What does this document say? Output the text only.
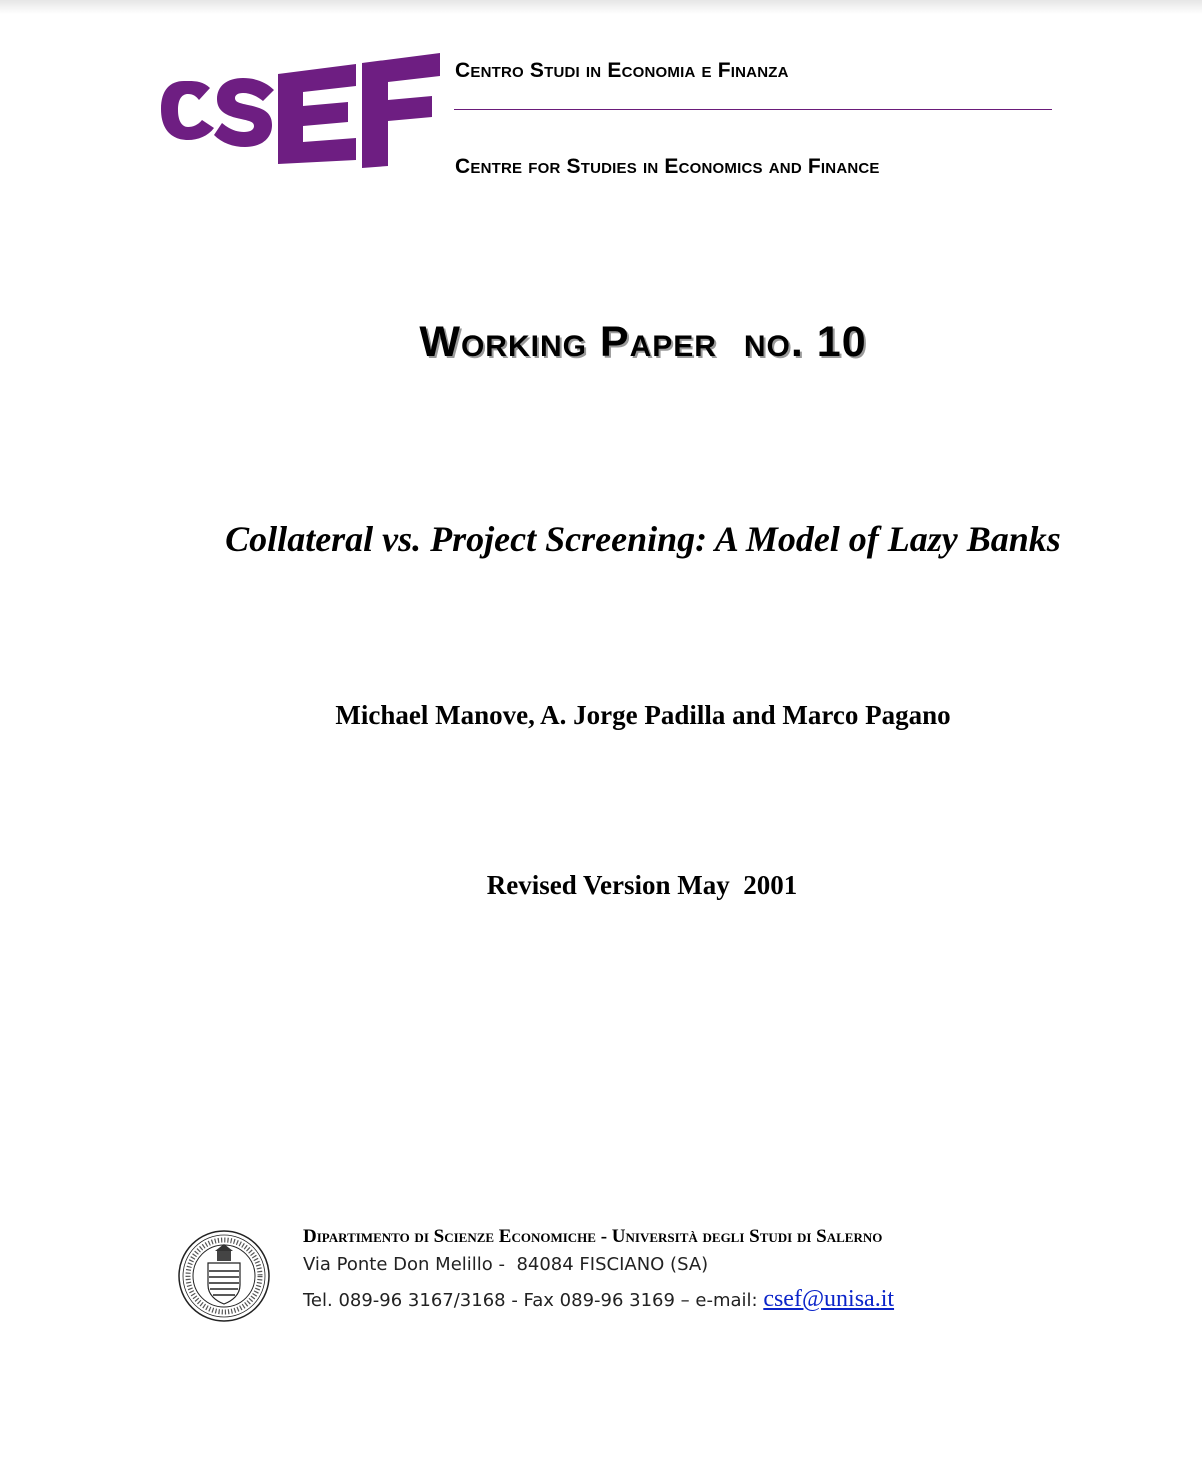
Centro Studi in Economia e Finanza
Centre for Studies in Economics and Finance
Working Paper no. 10
Collateral vs. Project Screening: A Model of Lazy Banks
Michael Manove, A. Jorge Padilla and Marco Pagano
Revised Version May  2001
Dipartimento di Scienze Economiche - Università degli Studi di Salerno
Via Ponte Don Melillo -  84084 FISCIANO (SA)
Tel. 089-96 3167/3168 - Fax 089-96 3169 – e-mail: csef@unisa.it
